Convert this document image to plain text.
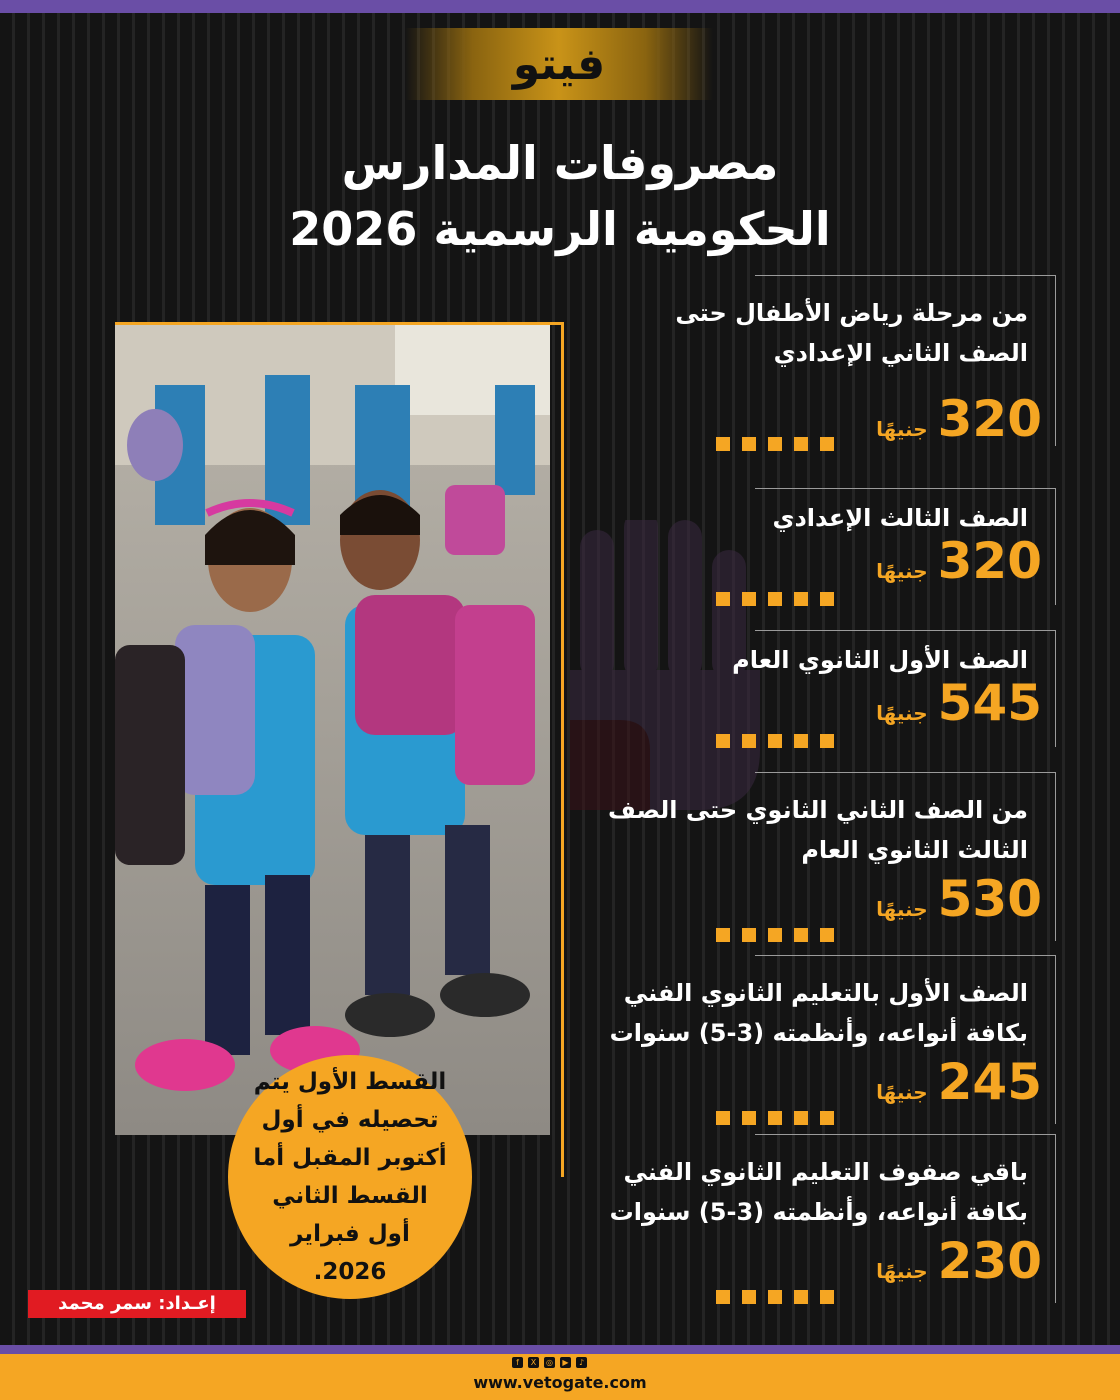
فيتو
مصروفات المدارس
الحكومية الرسمية 2026
من مرحلة رياض الأطفال حتى الصف الثاني الإعدادي
320
جنيهًا
الصف الثالث الإعدادي
320
جنيهًا
الصف الأول الثانوي العام
545
جنيهًا
من الصف الثاني الثانوي حتى الصف الثالث الثانوي العام
530
جنيهًا
الصف الأول بالتعليم الثانوي الفني بكافة أنواعه، وأنظمته (3-5) سنوات
245
جنيهًا
باقي صفوف التعليم الثانوي الفني بكافة أنواعه، وأنظمته (3-5) سنوات
230
جنيهًا
القسط الأول يتم تحصيله في أول أكتوبر المقبل أما القسط الثاني أول فبراير 2026.
إعـداد: سمر محمد
f	X	◎	▶	♪
www.vetogate.com
